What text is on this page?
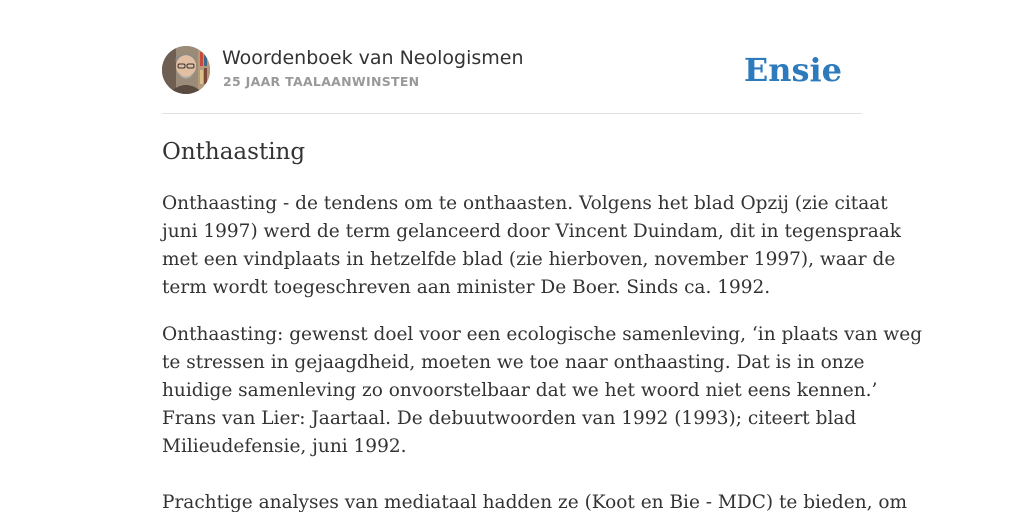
Woordenboek van Neologismen
25 JAAR TAALAANWINSTEN	Ensie
Onthaasting

Onthaasting - de tendens om te onthaasten. Volgens het blad Opzij (zie citaat
juni 1997) werd de term gelanceerd door Vincent Duindam, dit in tegenspraak
met een vindplaats in hetzelfde blad (zie hierboven, november 1997), waar de
term wordt toegeschreven aan minister De Boer. Sinds ca. 1992.

Onthaasting: gewenst doel voor een ecologische samenleving, ‘in plaats van weg
te stressen in gejaagdheid, moeten we toe naar onthaasting. Dat is in onze
huidige samenleving zo onvoorstelbaar dat we het woord niet eens kennen.’
Frans van Lier: Jaartaal. De debuutwoorden van 1992 (1993); citeert blad
Milieudefensie, juni 1992.

Prachtige analyses van mediataal hadden ze (Koot en Bie - MDC) te bieden, om
